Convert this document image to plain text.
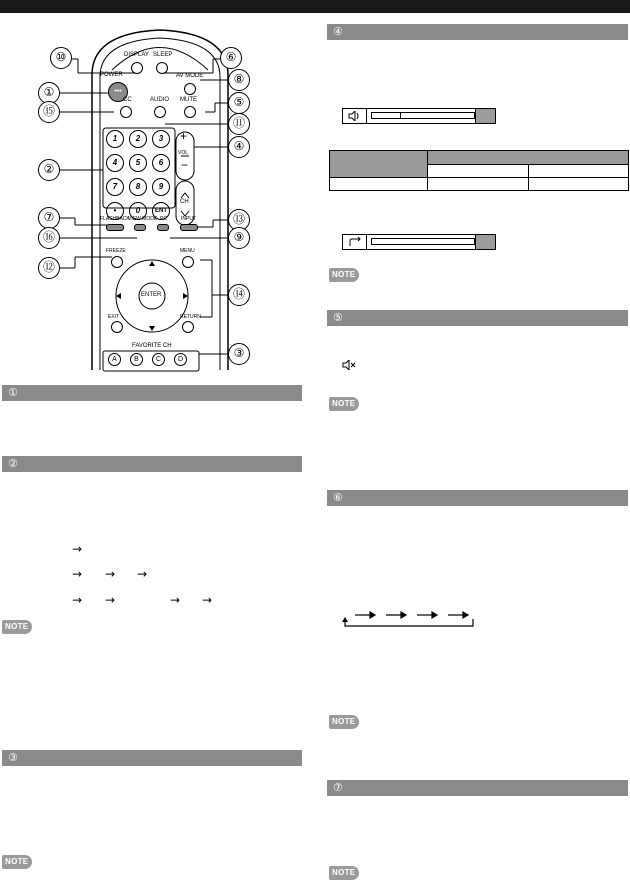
•••
POWER
DISPLAY SLEEP
AV MODE
CC	AUDIO MUTE
1	2	3
4	5	6
7	8	9
•	0	ENT
+
VOL
−
CH
FLASHBACK
VIEW MODE PC	INPUT
FREEZE	MENU
ENTER
EXIT	RETURN
FAVORITE CH
A	B	C	D
⑩
①
⑮
②
⑦
⑯
⑫
⑥
⑧
⑤
⑪
④
⑬
⑨
⑭
③
①
②
→
→ → →
→ →	→ →
NOTE
③
NOTE
④

NOTE
⑤
NOTE
⑥
NOTE
⑦
NOTE
